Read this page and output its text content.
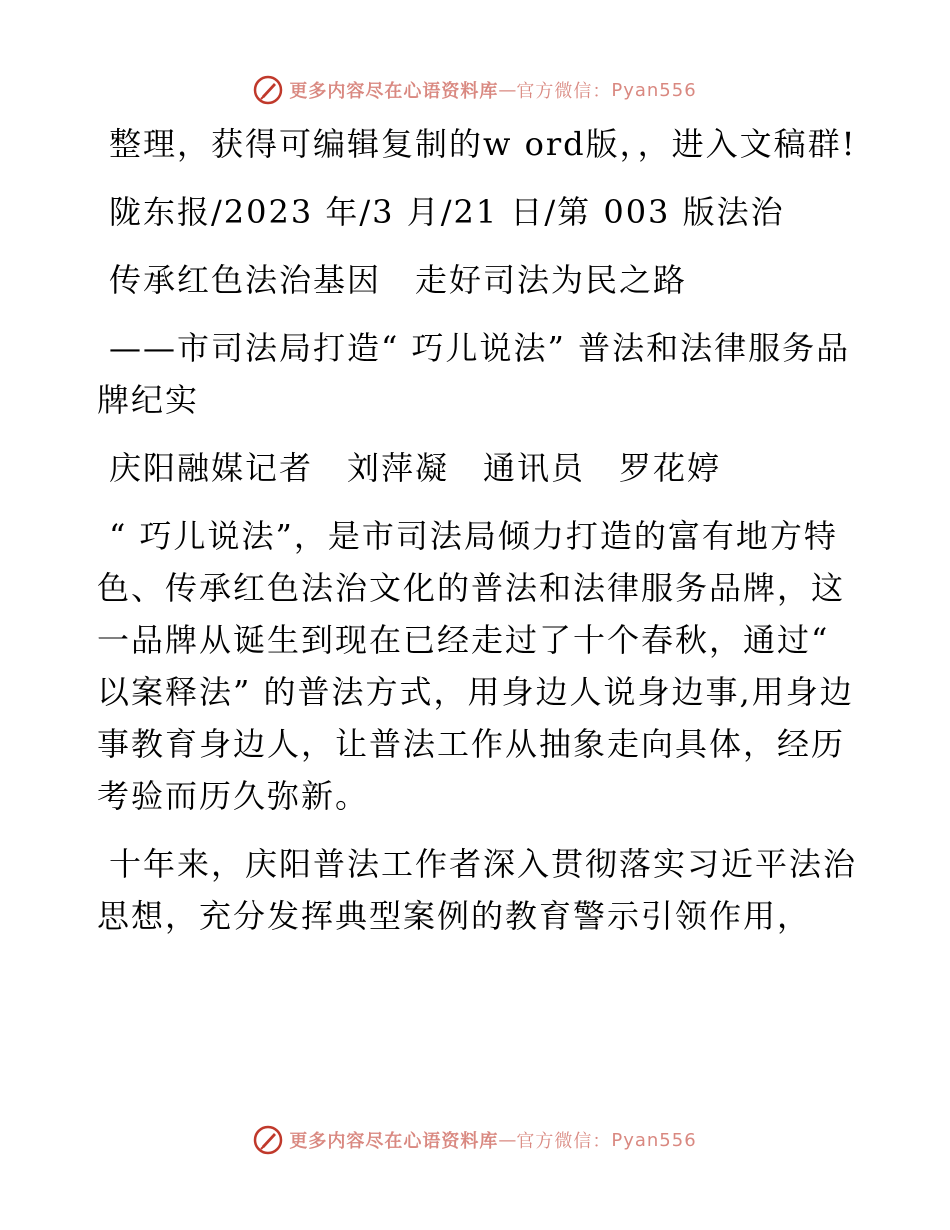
更多内容尽在心语资料库 — 官方微信： Pyan556

整理，获得可编辑复制的w ord版，，进入文稿群!

陇东报/2023 年/3 月/21 日/第 003 版法治

传承红色法治基因　走好司法为民之路

——市司法局打造“ 巧儿说法” 普法和法律服务品牌纪实

庆阳融媒记者　刘萍凝　通讯员　罗花婷

“ 巧儿说法”，是市司法局倾力打造的富有地方特色、传承红色法治文化的普法和法律服务品牌，这一品牌从诞生到现在已经走过了十个春秋，通过“ 以案释法” 的普法方式，用身边人说身边事,用身边事教育身边人，让普法工作从抽象走向具体，经历考验而历久弥新。

十年来，庆阳普法工作者深入贯彻落实习近平法治思想，充分发挥典型案例的教育警示引领作用，

更多内容尽在心语资料库 — 官方微信： Pyan556
